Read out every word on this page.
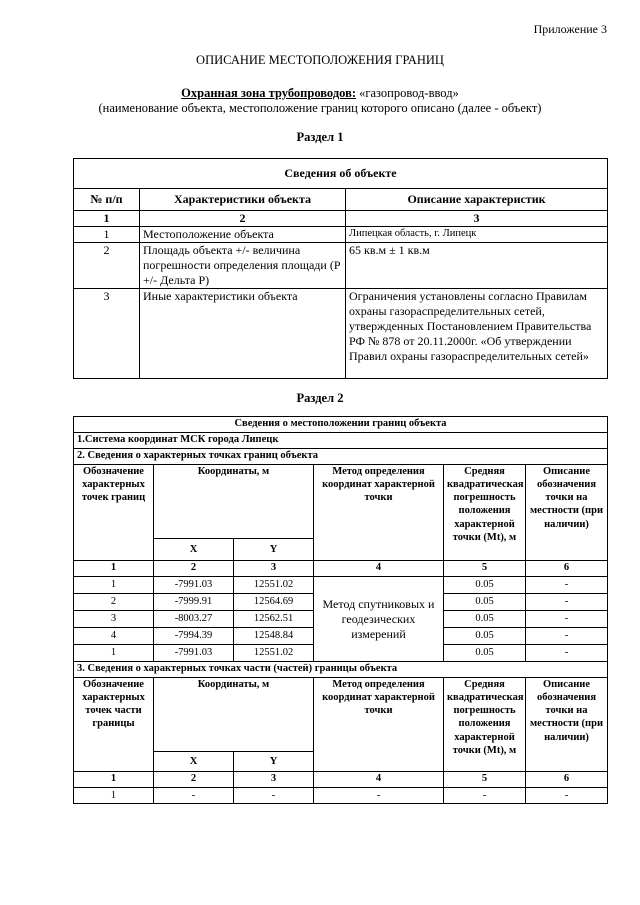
Приложение 3
ОПИСАНИЕ МЕСТОПОЛОЖЕНИЯ ГРАНИЦ
Охранная зона трубопроводов: «газопровод-ввод»
(наименование объекта, местоположение границ которого описано (далее - объект)
Раздел 1
Сведения об объекте		
№ п/п	Характеристики объекта	Описание характеристик
1	2	3
1	Местоположение объекта	Липецкая область, г. Липецк
2	Площадь объекта +/- величина погрешности определения площади (Р +/- Дельта Р)	65 кв.м ± 1 кв.м
3	Иные характеристики объекта	Ограничения установлены согласно Правилам охраны газораспределительных сетей, утвержденных Постановлением Правительства РФ № 878 от 20.11.2000г. «Об утверждении Правил охраны газораспределительных сетей»
Раздел 2
Сведения о местоположении границ объекта					
1.Система координат МСК города Липецк					
2. Сведения о характерных точках границ объекта					
Обозначение характерных точек границ	Координаты, м		Метод определения координат характерной точки	Средняя квадратическая погрешность положения характерной точки (Mt), м	Описание обозначения точки на местности (при наличии)
	X	Y			
1	2	3	4	5	6
1	-7991.03	12551.02	Метод спутниковых и геодезических измерений	0.05	-
2	-7999.91	12564.69		0.05	-
3	-8003.27	12562.51		0.05	-
4	-7994.39	12548.84		0.05	-
1	-7991.03	12551.02		0.05	-
3. Сведения о характерных точках части (частей) границы объекта					
Обозначение характерных точек части границы	Координаты, м		Метод определения координат характерной точки	Средняя квадратическая погрешность положения характерной точки (Mt), м	Описание обозначения точки на местности (при наличии)
	X	Y			
1	2	3	4	5	6
1	-	-	-	-	-
